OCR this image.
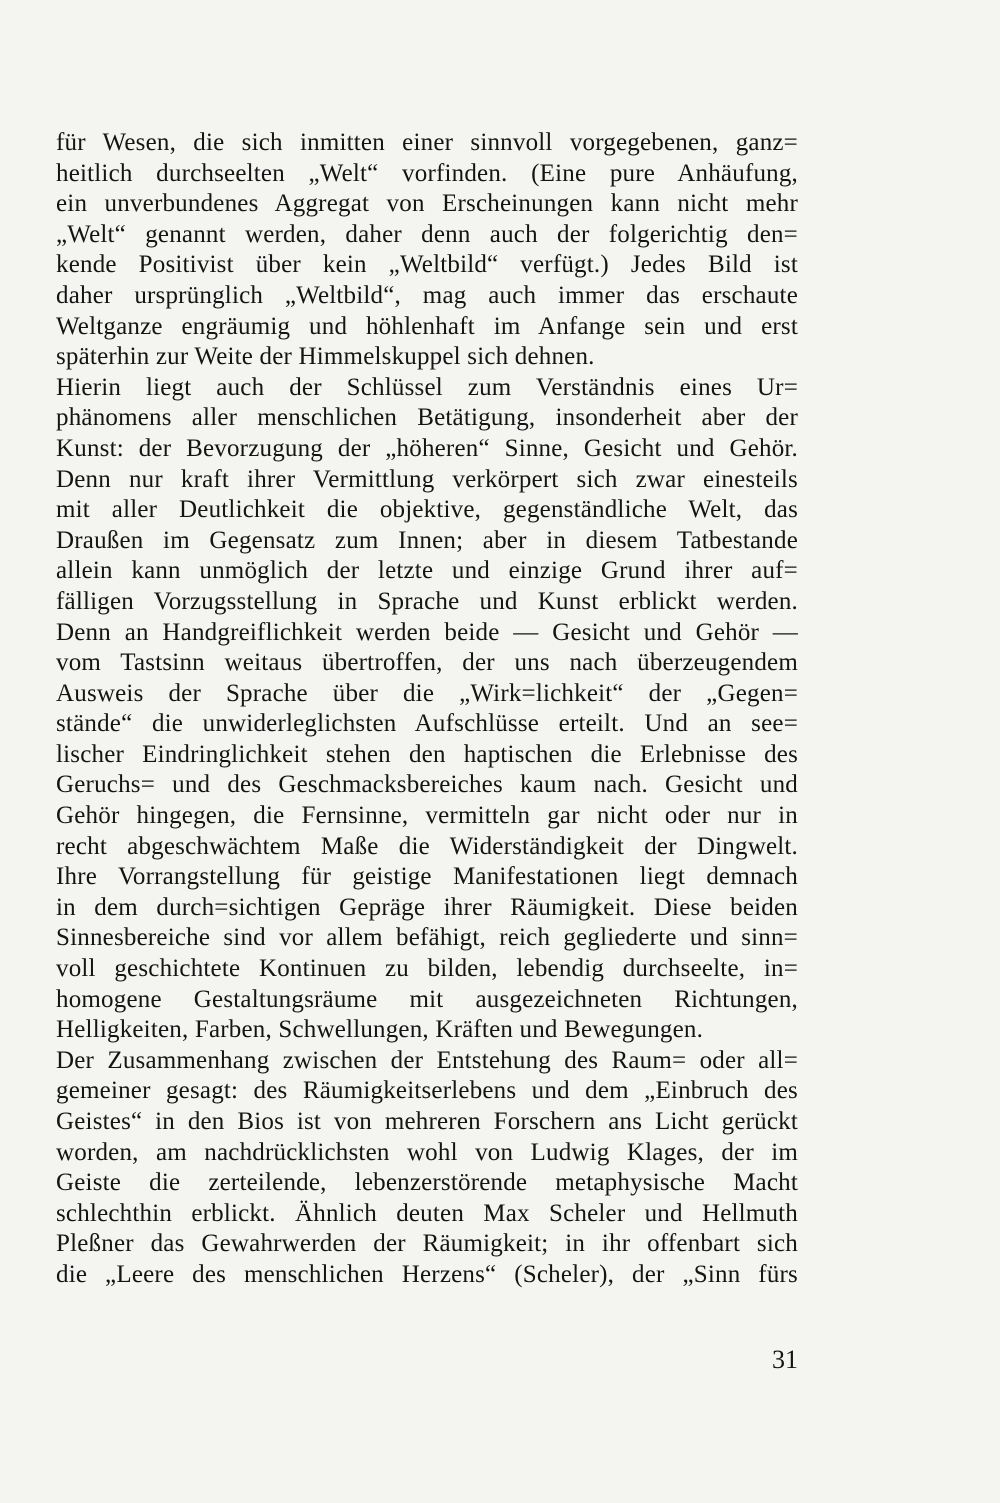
für Wesen, die sich inmitten einer sinnvoll vorgegebenen, ganz=
heitlich durchseelten „Welt“ vorfinden. (Eine pure Anhäufung,
ein unverbundenes Aggregat von Erscheinungen kann nicht mehr
„Welt“ genannt werden, daher denn auch der folgerichtig den=
kende Positivist über kein „Weltbild“ verfügt.) Jedes Bild ist
daher ursprünglich „Weltbild“, mag auch immer das erschaute
Weltganze engräumig und höhlenhaft im Anfange sein und erst
späterhin zur Weite der Himmelskuppel sich dehnen.
Hierin liegt auch der Schlüssel zum Verständnis eines Ur=
phänomens aller menschlichen Betätigung, insonderheit aber der
Kunst: der Bevorzugung der „höheren“ Sinne, Gesicht und Gehör.
Denn nur kraft ihrer Vermittlung verkörpert sich zwar einesteils
mit aller Deutlichkeit die objektive, gegenständliche Welt, das
Draußen im Gegensatz zum Innen; aber in diesem Tatbestande
allein kann unmöglich der letzte und einzige Grund ihrer auf=
fälligen Vorzugsstellung in Sprache und Kunst erblickt werden.
Denn an Handgreiflichkeit werden beide — Gesicht und Gehör —
vom Tastsinn weitaus übertroffen, der uns nach überzeugendem
Ausweis der Sprache über die „Wirk=lichkeit“ der „Gegen=
stände“ die unwiderleglichsten Aufschlüsse erteilt. Und an see=
lischer Eindringlichkeit stehen den haptischen die Erlebnisse des
Geruchs= und des Geschmacksbereiches kaum nach. Gesicht und
Gehör hingegen, die Fernsinne, vermitteln gar nicht oder nur in
recht abgeschwächtem Maße die Widerständigkeit der Dingwelt.
Ihre Vorrangstellung für geistige Manifestationen liegt demnach
in dem durch=sichtigen Gepräge ihrer Räumigkeit. Diese beiden
Sinnesbereiche sind vor allem befähigt, reich gegliederte und sinn=
voll geschichtete Kontinuen zu bilden, lebendig durchseelte, in=
homogene Gestaltungsräume mit ausgezeichneten Richtungen,
Helligkeiten, Farben, Schwellungen, Kräften und Bewegungen.
Der Zusammenhang zwischen der Entstehung des Raum= oder all=
gemeiner gesagt: des Räumigkeitserlebens und dem „Einbruch des
Geistes“ in den Bios ist von mehreren Forschern ans Licht gerückt
worden, am nachdrücklichsten wohl von Ludwig Klages, der im
Geiste die zerteilende, lebenzerstörende metaphysische Macht
schlechthin erblickt. Ähnlich deuten Max Scheler und Hellmuth
Pleßner das Gewahrwerden der Räumigkeit; in ihr offenbart sich
die „Leere des menschlichen Herzens“ (Scheler), der „Sinn fürs
31
